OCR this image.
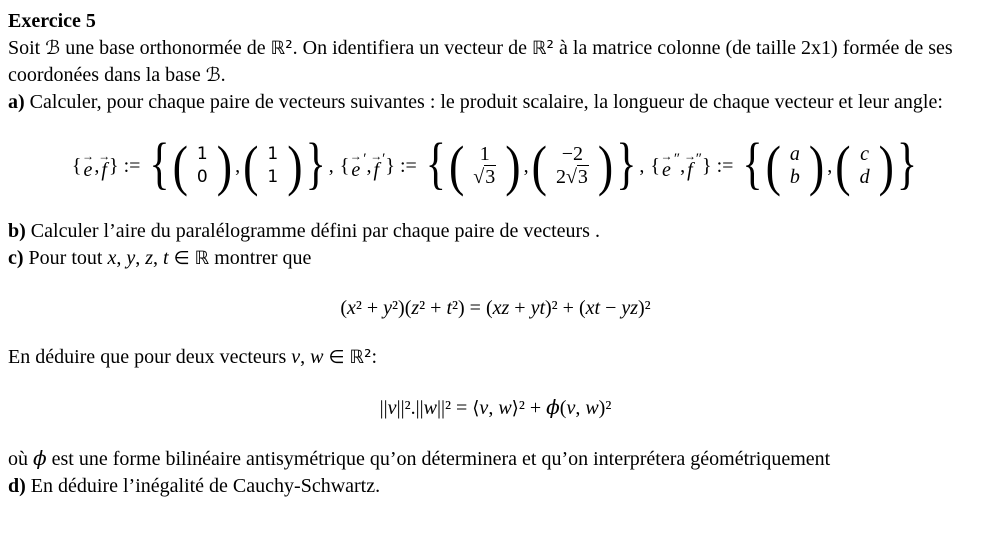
Exercice 5

Soit ℬ une base orthonormée de ℝ². On identifiera un vecteur de ℝ² à la matrice colonne (de taille 2x1) formée de ses coordonées dans la base ℬ.

a) Calculer, pour chaque paire de vecteurs suivantes : le produit scalaire, la longueur de chaque vecteur et leur angle:

{ →
e ,
→
f } := { ( 1
0 ) , ( 1
1 ) } , { →
e
′ ,
→
f
′ } := { ( 1
√3 ) , ( −2
2√3 ) } , { →
e
″ ,
→
f
″ } := { ( a
b ) , ( c
d ) }

b) Calculer l’aire du paralélogramme défini par chaque paire de vecteurs .

c) Pour tout x, y, z, t ∈ ℝ montrer que

(x² + y²)(z² + t²) = (xz + yt)² + (xt − yz)²

En déduire que pour deux vecteurs v, w ∈ ℝ²:

||v||².||w||² = ⟨v, w⟩² + ϕ(v, w)²

où ϕ est une forme bilinéaire antisymétrique qu’on déterminera et qu’on interprétera géométriquement

d) En déduire l’inégalité de Cauchy-Schwartz.
